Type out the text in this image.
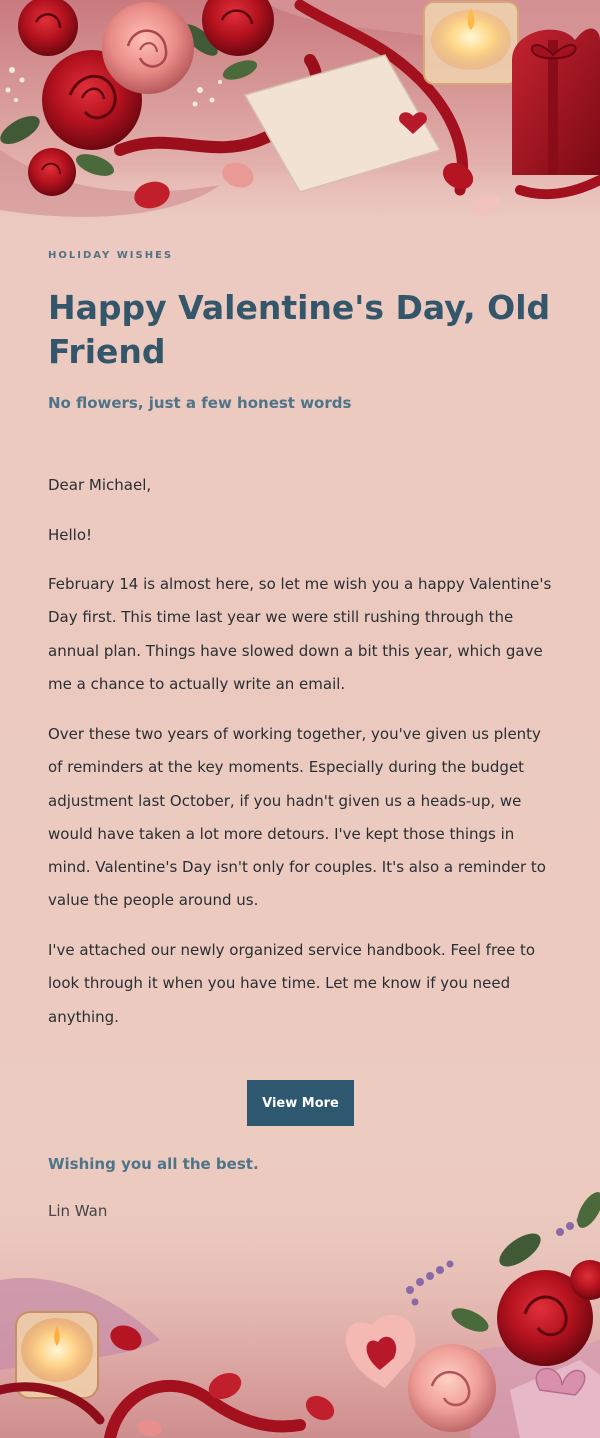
HOLIDAY WISHES
Happy Valentine's Day, Old Friend
No flowers, just a few honest words

Dear Michael,

Hello!

February 14 is almost here, so let me wish you a happy Valentine's Day first. This time last year we were still rushing through the annual plan. Things have slowed down a bit this year, which gave me a chance to actually write an email.

Over these two years of working together, you've given us plenty of reminders at the key moments. Especially during the budget adjustment last October, if you hadn't given us a heads-up, we would have taken a lot more detours. I've kept those things in mind. Valentine's Day isn't only for couples. It's also a reminder to value the people around us.

I've attached our newly organized service handbook. Feel free to look through it when you have time. Let me know if you need anything.

View More
Wishing you all the best.
